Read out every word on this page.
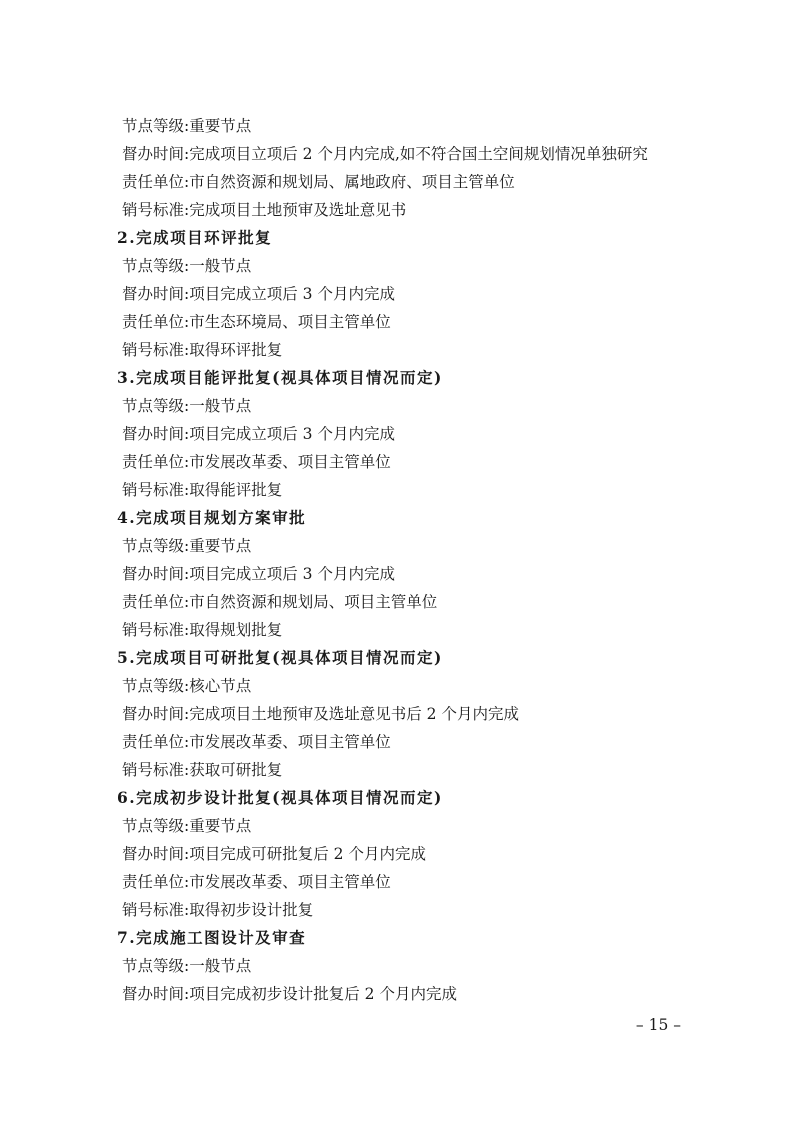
节点等级:重要节点
督办时间:完成项目立项后 2 个月内完成,如不符合国土空间规划情况单独研究
责任单位:市自然资源和规划局、属地政府、项目主管单位
销号标准:完成项目土地预审及选址意见书
2.完成项目环评批复
节点等级:一般节点
督办时间:项目完成立项后 3 个月内完成
责任单位:市生态环境局、项目主管单位
销号标准:取得环评批复
3.完成项目能评批复(视具体项目情况而定)
节点等级:一般节点
督办时间:项目完成立项后 3 个月内完成
责任单位:市发展改革委、项目主管单位
销号标准:取得能评批复
4.完成项目规划方案审批
节点等级:重要节点
督办时间:项目完成立项后 3 个月内完成
责任单位:市自然资源和规划局、项目主管单位
销号标准:取得规划批复
5.完成项目可研批复(视具体项目情况而定)
节点等级:核心节点
督办时间:完成项目土地预审及选址意见书后 2 个月内完成
责任单位:市发展改革委、项目主管单位
销号标准:获取可研批复
6.完成初步设计批复(视具体项目情况而定)
节点等级:重要节点
督办时间:项目完成可研批复后 2 个月内完成
责任单位:市发展改革委、项目主管单位
销号标准:取得初步设计批复
7.完成施工图设计及审查
节点等级:一般节点
督办时间:项目完成初步设计批复后 2 个月内完成
– 15 –
